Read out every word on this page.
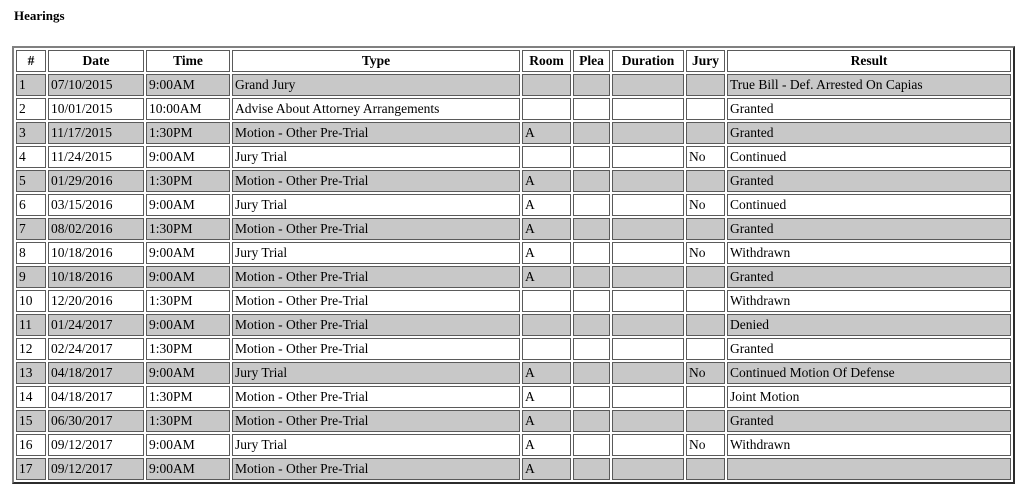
Hearings
#	Date	Time	Type	Room	Plea	Duration	Jury	Result
1	07/10/2015	9:00AM	Grand Jury					True Bill - Def. Arrested On Capias
2	10/01/2015	10:00AM	Advise About Attorney Arrangements					Granted
3	11/17/2015	1:30PM	Motion - Other Pre-Trial	A				Granted
4	11/24/2015	9:00AM	Jury Trial				No	Continued
5	01/29/2016	1:30PM	Motion - Other Pre-Trial	A				Granted
6	03/15/2016	9:00AM	Jury Trial	A			No	Continued
7	08/02/2016	1:30PM	Motion - Other Pre-Trial	A				Granted
8	10/18/2016	9:00AM	Jury Trial	A			No	Withdrawn
9	10/18/2016	9:00AM	Motion - Other Pre-Trial	A				Granted
10	12/20/2016	1:30PM	Motion - Other Pre-Trial					Withdrawn
11	01/24/2017	9:00AM	Motion - Other Pre-Trial					Denied
12	02/24/2017	1:30PM	Motion - Other Pre-Trial					Granted
13	04/18/2017	9:00AM	Jury Trial	A			No	Continued Motion Of Defense
14	04/18/2017	1:30PM	Motion - Other Pre-Trial	A				Joint Motion
15	06/30/2017	1:30PM	Motion - Other Pre-Trial	A				Granted
16	09/12/2017	9:00AM	Jury Trial	A			No	Withdrawn
17	09/12/2017	9:00AM	Motion - Other Pre-Trial	A				
